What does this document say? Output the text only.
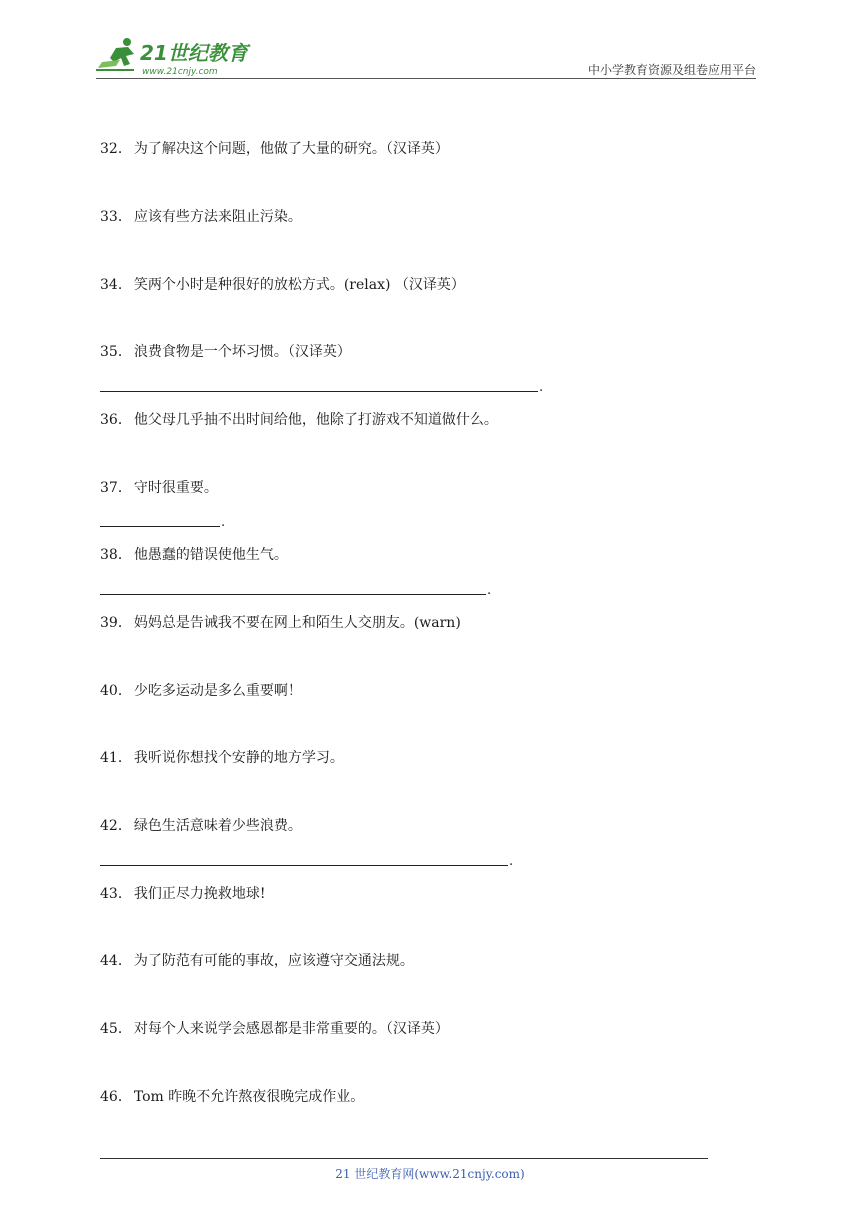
21世纪教育
www.21cnjy.com	中小学教育资源及组卷应用平台
32． 为了解决这个问题，他做了大量的研究。（汉译英）
33． 应该有些方法来阻止污染。
34． 笑两个小时是种很好的放松方式。(relax) （汉译英）
35． 浪费食物是一个坏习惯。（汉译英）
.
36． 他父母几乎抽不出时间给他，他除了打游戏不知道做什么。
37． 守时很重要。
.
38． 他愚蠢的错误使他生气。
.
39． 妈妈总是告诫我不要在网上和陌生人交朋友。(warn)
40． 少吃多运动是多么重要啊！
41． 我听说你想找个安静的地方学习。
42． 绿色生活意味着少些浪费。
.
43． 我们正尽力挽救地球!
44． 为了防范有可能的事故，应该遵守交通法规。
45． 对每个人来说学会感恩都是非常重要的。（汉译英）
46． Tom 昨晚不允许熬夜很晚完成作业。
21 世纪教育网(www.21cnjy.com)
